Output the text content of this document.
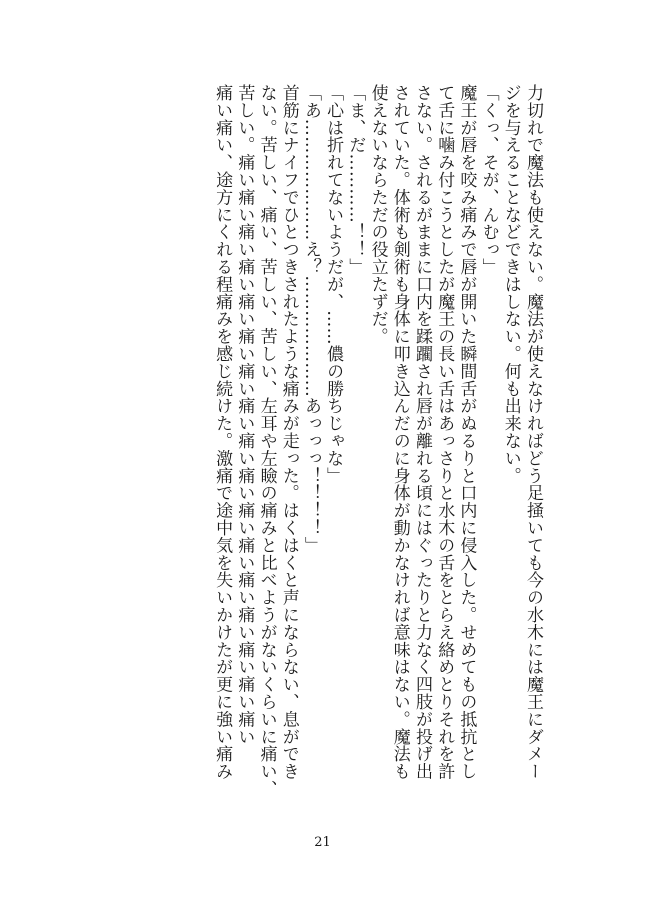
力切れで魔法も使えない。魔法が使えなければどう足掻いても今の水木には魔王にダメー
ジを与えることなどできはしない。何も出来ない。
「くっ、そが、んむっ」
魔王が唇を咬み痛みで唇が開いた瞬間舌がぬるりと口内に侵入した。せめてもの抵抗とし
て舌に噛み付こうとしたが魔王の長い舌はあっさりと水木の舌をとらえ絡めとりそれを許
さない。されるがままに口内を蹂躙され唇が離れる頃にはぐったりと力なく四肢が投げ出
されていた。体術も剣術も身体に叩き込んだのに身体が動かなければ意味はない。魔法も
使えないならただの役立たずだ。
「ま、だ…………！！」
「心は折れてないようだが、……儂の勝ちじゃな」
「あ…………………え？…………………あっっっ！！！！」
首筋にナイフでひとつきされたような痛みが走った。はくはくと声にならない、息ができ
ない。苦しい、痛い、苦しい、苦しい、左耳や左瞼の痛みと比べようがないくらいに痛い、
苦しい。痛い痛い痛い痛い痛い痛い痛い痛い痛い痛い痛い痛い痛い痛い痛い痛い痛い
痛い痛い、途方にくれる程痛みを感じ続けた。激痛で途中気を失いかけたが更に強い痛み
21
